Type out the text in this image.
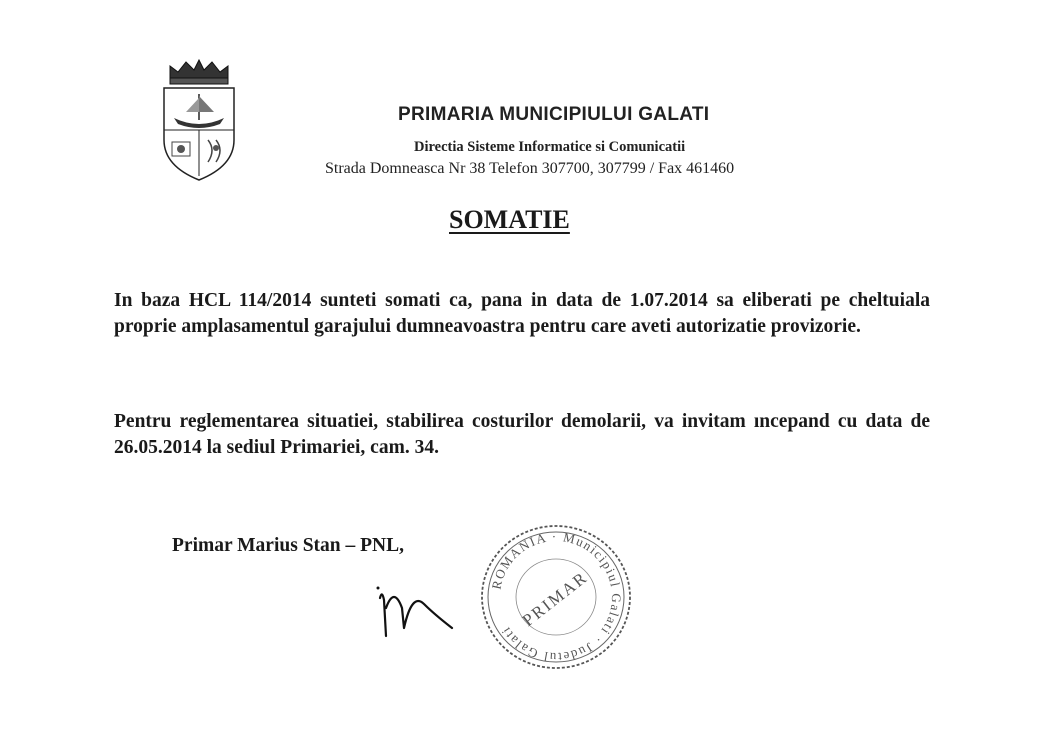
PRIMARIA MUNICIPIULUI GALATI
Directia Sisteme Informatice si Comunicatii
Strada Domneasca Nr 38 Telefon 307700, 307799 / Fax 461460
SOMATIE
In baza HCL 114/2014 sunteti somati ca, pana in data de 1.07.2014 sa eliberati pe cheltuiala proprie amplasamentul garajului dumneavoastra pentru care aveti autorizatie provizorie.
Pentru reglementarea situatiei, stabilirea costurilor demolarii, va invitam ıncepand cu data de 26.05.2014 la sediul Primariei, cam. 34.
Primar Marius Stan – PNL,
ROMANIA · Municipiul Galati · Judetul Galati PRIMAR
